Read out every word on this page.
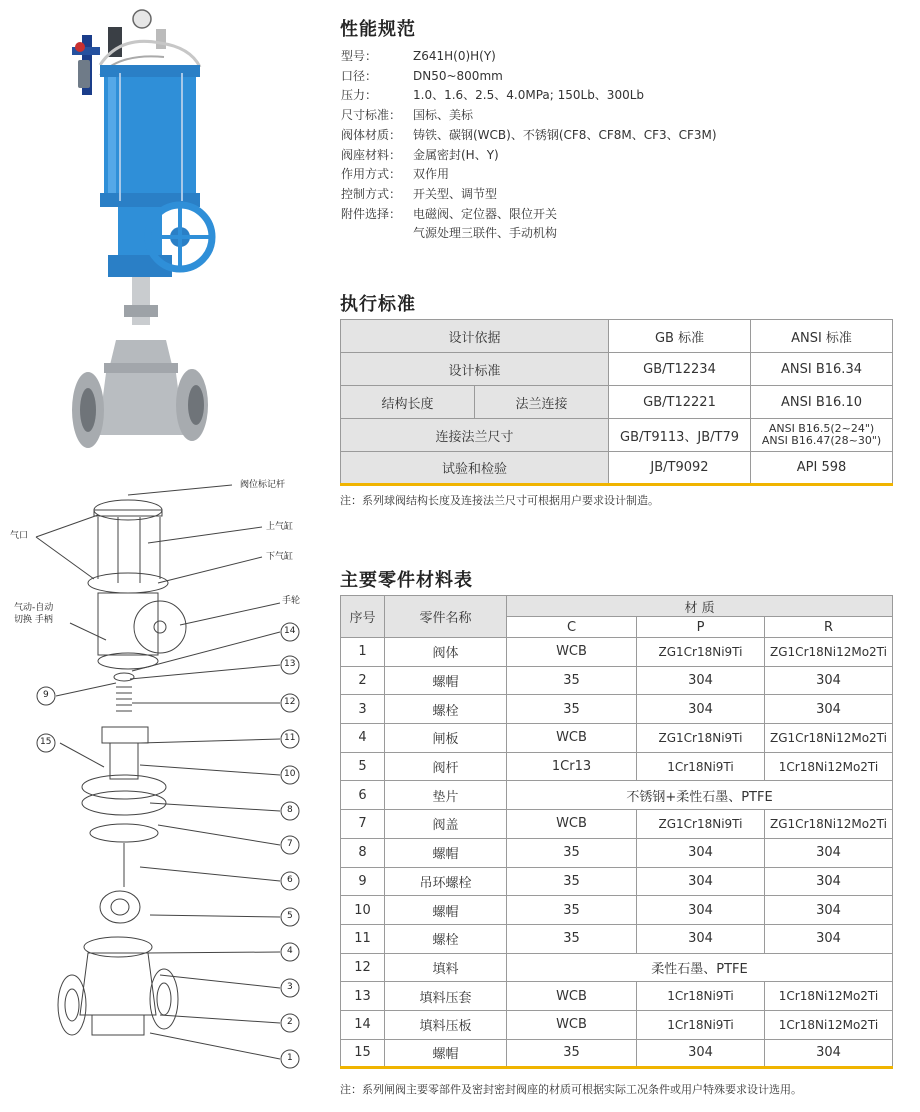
阀位标记杆
气口
上气缸
下气缸
手轮
气动-自动
切换 手柄
14
13
12
11
10
8
7
6
5
4
3
2
1
9
15
性能规范
型号：	Z641H(0)H(Y)
口径：	DN50~800mm
压力：	1.0、1.6、2.5、4.0MPa; 150Lb、300Lb
尺寸标准： 国标、美标
阀体材质： 铸铁、碳钢(WCB)、不锈钢(CF8、CF8M、CF3、CF3M)
阀座材料： 金属密封(H、Y)
作用方式： 双作用
控制方式： 开关型、调节型
附件选择： 电磁阀、定位器、限位开关
气源处理三联件、手动机构
执行标准
设计依据		GB 标准	ANSI 标准
设计标准		GB/T12234	ANSI B16.34
结构长度	法兰连接	GB/T12221	ANSI B16.10
连接法兰尺寸		GB/T9113、JB/T79	ANSI B16.5(2~24")
ANSI B16.47(28~30")

试验和检验		JB/T9092	API 598
注：系列球阀结构长度及连接法兰尺寸可根据用户要求设计制造。
主要零件材料表
序号	零件名称	材 质		
		C	P	R
1	阀体	WCB	ZG1Cr18Ni9Ti	ZG1Cr18Ni12Mo2Ti
2	螺帽	35	304	304
3	螺栓	35	304	304
4	闸板	WCB	ZG1Cr18Ni9Ti	ZG1Cr18Ni12Mo2Ti
5	阀杆	1Cr13	1Cr18Ni9Ti	1Cr18Ni12Mo2Ti
6	垫片	不锈钢+柔性石墨、PTFE		
7	阀盖	WCB	ZG1Cr18Ni9Ti	ZG1Cr18Ni12Mo2Ti
8	螺帽	35	304	304
9	吊环螺栓	35	304	304
10	螺帽	35	304	304
11	螺栓	35	304	304
12	填料	柔性石墨、PTFE		
13	填料压套	WCB	1Cr18Ni9Ti	1Cr18Ni12Mo2Ti
14	填料压板	WCB	1Cr18Ni9Ti	1Cr18Ni12Mo2Ti
15	螺帽	35	304	304
注：系列闸阀主要零部件及密封密封阀座的材质可根据实际工况条件或用户特殊要求设计选用。
